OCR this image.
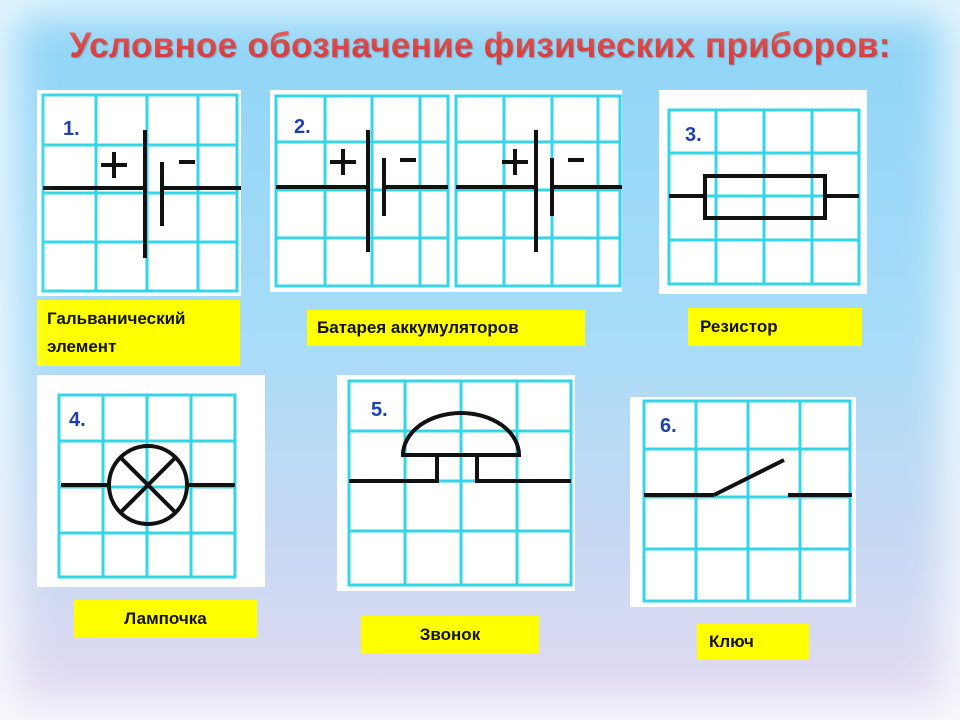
Условное обозначение физических приборов:
1.
Гальванический элемент
2.
Батарея аккумуляторов
3.
Резистор
4.
Лампочка
5.
Звонок
6.
Ключ
